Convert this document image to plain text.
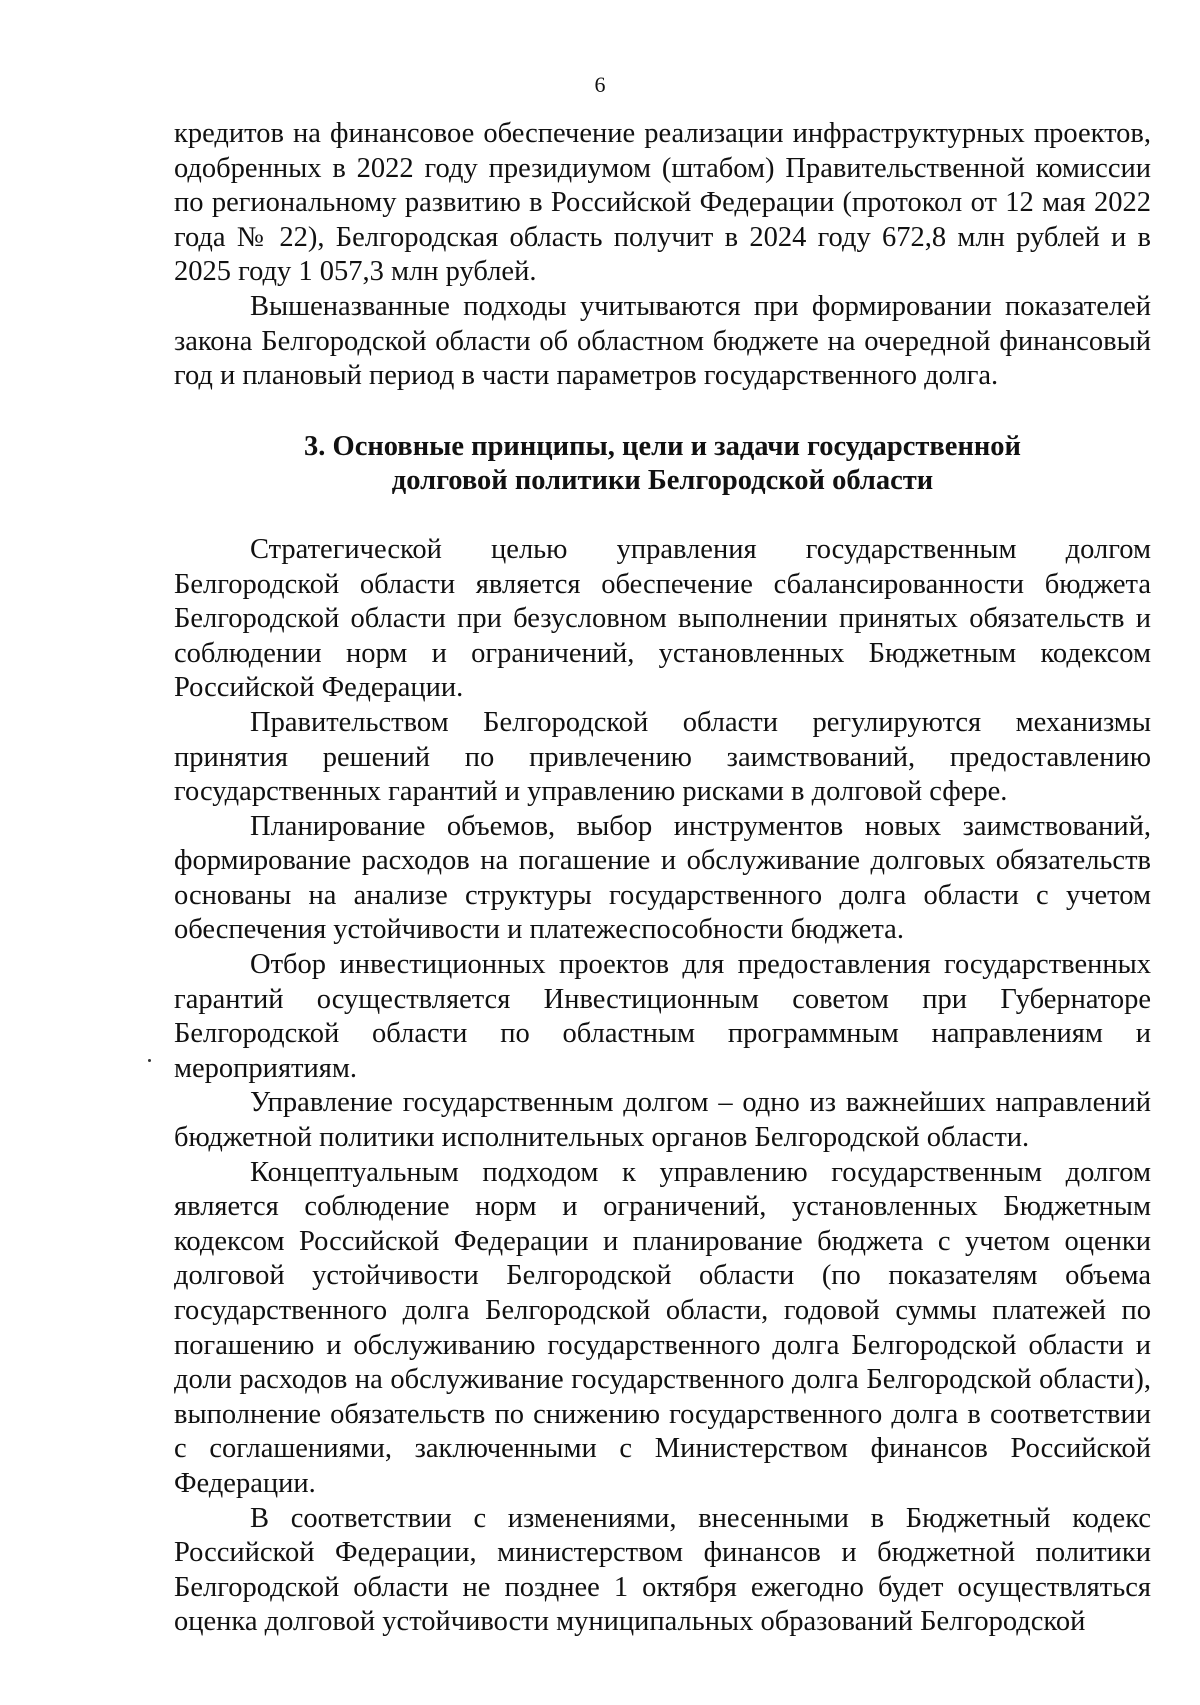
6

кредитов на финансовое обеспечение реализации инфраструктурных проектов, одобренных в 2022 году президиумом (штабом) Правительственной комиссии по региональному развитию в Российской Федерации (протокол от 12 мая 2022 года № 22), Белгородская область получит в 2024 году 672,8 млн рублей и в 2025 году 1 057,3 млн рублей.

Вышеназванные подходы учитываются при формировании показателей закона Белгородской области об областном бюджете на очередной финансовый год и плановый период в части параметров государственного долга.

3. Основные принципы, цели и задачи государственной
долговой политики Белгородской области

Стратегической целью управления государственным долгом Белгородской области является обеспечение сбалансированности бюджета Белгородской области при безусловном выполнении принятых обязательств и соблюдении норм и ограничений, установленных Бюджетным кодексом Российской Федерации.

Правительством Белгородской области регулируются механизмы принятия решений по привлечению заимствований, предоставлению государственных гарантий и управлению рисками в долговой сфере.

Планирование объемов, выбор инструментов новых заимствований, формирование расходов на погашение и обслуживание долговых обязательств основаны на анализе структуры государственного долга области с учетом обеспечения устойчивости и платежеспособности бюджета.

Отбор инвестиционных проектов для предоставления государственных гарантий осуществляется Инвестиционным советом при Губернаторе Белгородской области по областным программным направлениям и мероприятиям.

Управление государственным долгом – одно из важнейших направлений бюджетной политики исполнительных органов Белгородской области.

Концептуальным подходом к управлению государственным долгом является соблюдение норм и ограничений, установленных Бюджетным кодексом Российской Федерации и планирование бюджета с учетом оценки долговой устойчивости Белгородской области (по показателям объема государственного долга Белгородской области, годовой суммы платежей по погашению и обслуживанию государственного долга Белгородской области и доли расходов на обслуживание государственного долга Белгородской области), выполнение обязательств по снижению государственного долга в соответствии с соглашениями, заключенными с Министерством финансов Российской Федерации.

В соответствии с изменениями, внесенными в Бюджетный кодекс Российской Федерации, министерством финансов и бюджетной политики Белгородской области не позднее 1 октября ежегодно будет осуществляться оценка долговой устойчивости муниципальных образований Белгородской
